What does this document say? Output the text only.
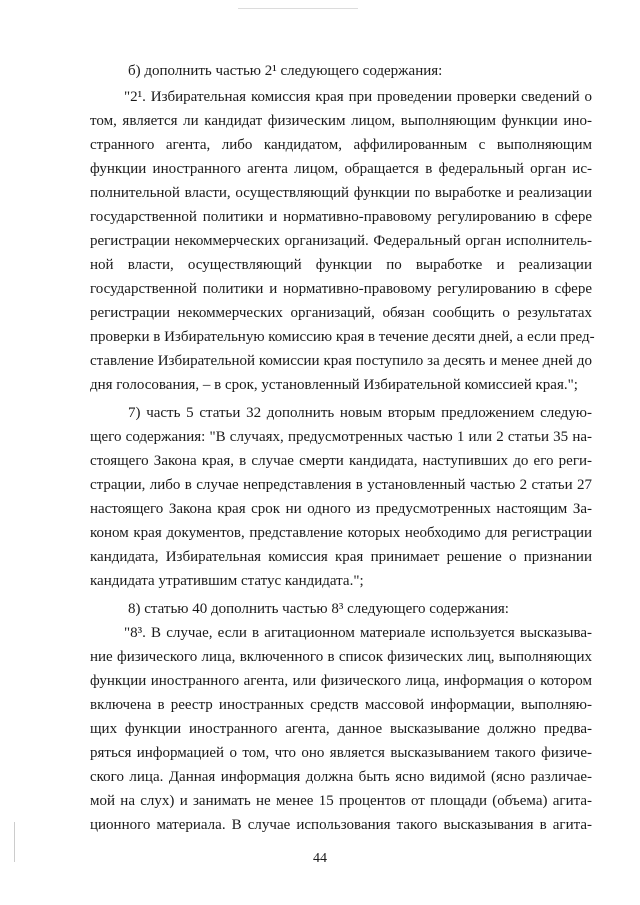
б) дополнить частью 2¹ следующего содержания:
"2¹. Избирательная комиссия края при проведении проверки сведений о
том, является ли кандидат физическим лицом, выполняющим функции ино-
странного агента, либо кандидатом, аффилированным с выполняющим
функции иностранного агента лицом, обращается в федеральный орган ис-
полнительной власти, осуществляющий функции по выработке и реализации
государственной политики и нормативно-правовому регулированию в сфере
регистрации некоммерческих организаций. Федеральный орган исполнитель-
ной власти, осуществляющий функции по выработке и реализации
государственной политики и нормативно-правовому регулированию в сфере
регистрации некоммерческих организаций, обязан сообщить о результатах
проверки в Избирательную комиссию края в течение десяти дней, а если пред-
ставление Избирательной комиссии края поступило за десять и менее дней до
дня голосования, – в срок, установленный Избирательной комиссией края.";
7) часть 5 статьи 32 дополнить новым вторым предложением следую-
щего содержания: "В случаях, предусмотренных частью 1 или 2 статьи 35 на-
стоящего Закона края, в случае смерти кандидата, наступивших до его реги-
страции, либо в случае непредставления в установленный частью 2 статьи 27
настоящего Закона края срок ни одного из предусмотренных настоящим За-
коном края документов, представление которых необходимо для регистрации
кандидата, Избирательная комиссия края принимает решение о признании
кандидата утратившим статус кандидата.";
8) статью 40 дополнить частью 8³ следующего содержания:
"8³. В случае, если в агитационном материале используется высказыва-
ние физического лица, включенного в список физических лиц, выполняющих
функции иностранного агента, или физического лица, информация о котором
включена в реестр иностранных средств массовой информации, выполняю-
щих функции иностранного агента, данное высказывание должно предва-
ряться информацией о том, что оно является высказыванием такого физиче-
ского лица. Данная информация должна быть ясно видимой (ясно различае-
мой на слух) и занимать не менее 15 процентов от площади (объема) агита-
ционного материала. В случае использования такого высказывания в агита-
44
